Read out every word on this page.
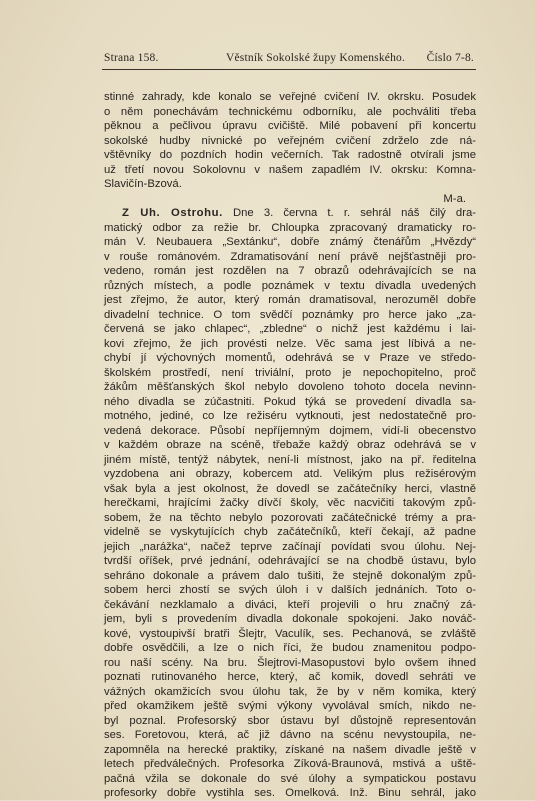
Strana 158.	Věstník Sokolské župy Komenského. Číslo 7-8.
stinné zahrady, kde konalo se veřejné cvičení IV. okrsku. Posudek
o něm ponechávám technickému odborníku, ale pochváliti třeba
pěknou a pečlivou úpravu cvičiště. Milé pobavení při koncertu
sokolské hudby nivnické po veřejném cvičení zdrželo zde ná-
vštěvníky do pozdních hodin večerních. Tak radostně otvírali jsme
už třetí novou Sokolovnu v našem zapadlém IV. okrsku: Komna-
Slavičín-Bzová.
M-a.
Z Uh. Ostrohu. Dne 3. června t. r. sehrál náš čilý dra-
matický odbor za režie br. Chloupka zpracovaný dramaticky ro-
mán V. Neubauera „Sextánku“, dobře známý čtenářům „Hvězdy“
v rouše románovém. Zdramatisování není právě nejšťastněji pro-
vedeno, román jest rozdělen na 7 obrazů odehrávajících se na
různých místech, a podle poznámek v textu divadla uvedených
jest zřejmo, že autor, který román dramatisoval, nerozuměl dobře
divadelní technice. O tom svědčí poznámky pro herce jako „za-
červená se jako chlapec“, „zbledne“ o nichž jest každému i lai-
kovi zřejmo, že jich provésti nelze. Věc sama jest líbivá a ne-
chybí jí výchovných momentů, odehrává se v Praze ve středo-
školském prostředí, není triviální, proto je nepochopitelno, proč
žákům měšťanských škol nebylo dovoleno tohoto docela nevinn-
ného divadla se zúčastniti. Pokud týká se provedení divadla sa-
motného, jediné, co lze režiséru vytknouti, jest nedostatečně pro-
vedená dekorace. Působí nepříjemným dojmem, vidí-li obecenstvo
v každém obraze na scéně, třebaže každý obraz odehrává se v
jiném místě, tentýž nábytek, není-li místnost, jako na př. ředitelna
vyzdobena ani obrazy, kobercem atd. Velikým plus režisérovým
však byla a jest okolnost, že dovedl se začátečníky herci, vlastně
herečkami, hrajícími žačky dívčí školy, věc nacvičiti takovým způ-
sobem, že na těchto nebylo pozorovati začátečnické trémy a pra-
videlně se vyskytujících chyb začátečníků, kteří čekají, až padne
jejich „narážka“, načež teprve začínají povídati svou úlohu. Nej-
tvrdší oříšek, prvé jednání, odehrávající se na chodbě ústavu, bylo
sehráno dokonale a právem dalo tušiti, že stejně dokonalým způ-
sobem herci zhostí se svých úloh i v dalších jednáních. Toto o-
čekávání nezklamalo a diváci, kteří projevili o hru značný zá-
jem, byli s provedením divadla dokonale spokojeni. Jako nováč-
kové, vystoupivší bratři Šlejtr, Vaculík, ses. Pechanová, se zvláště
dobře osvědčili, a lze o nich říci, že budou znamenitou podpo-
rou naší scény. Na bru. Šlejtrovi-Masopustovi bylo ovšem ihned
poznati rutinovaného herce, který, ač komik, dovedl sehráti ve
vážných okamžicích svou úlohu tak, že by v něm komika, který
před okamžikem ještě svými výkony vyvolával smích, nikdo ne-
byl poznal. Profesorský sbor ústavu byl důstojně representován
ses. Foretovou, která, ač již dávno na scénu nevystoupila, ne-
zapomněla na herecké praktiky, získané na našem divadle ještě v
letech předválečných. Profesorka Zíková-Braunová, mstivá a uště-
pačná vžila se dokonale do své úlohy a sympatickou postavu
profesorky dobře vystihla ses. Omelková. Inž. Binu sehrál, jako
